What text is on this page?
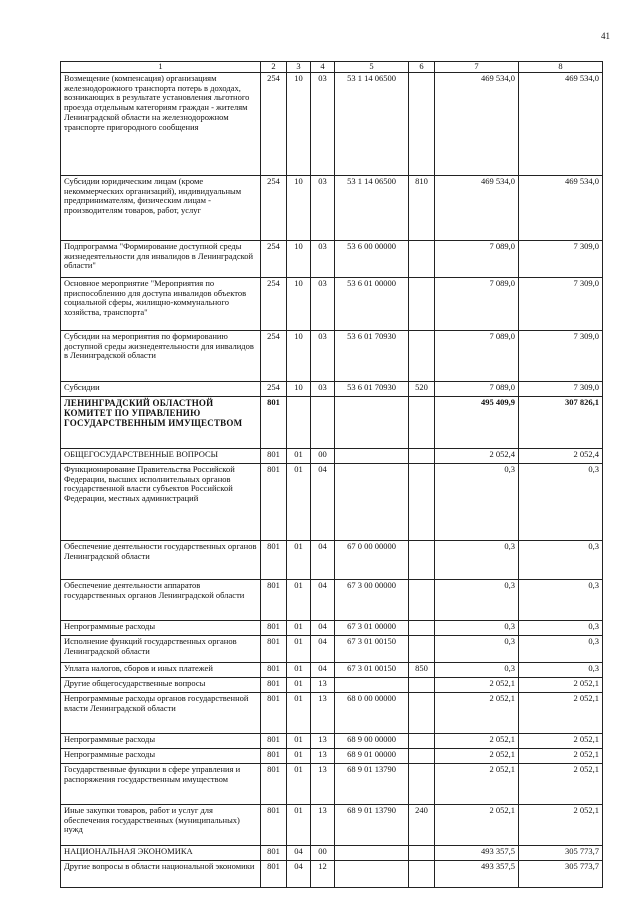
41
1	2	3	4	5	6	7	8
Возмещение (компенсация) организациям железнодорожного транспорта потерь в доходах, возникающих в результате установления льготного проезда отдельным категориям граждан - жителям Ленинградской области на железнодорожном транспорте пригородного сообщения	254	10	03	53 1 14 06500		469 534,0	469 534,0
Субсидии юридическим лицам (кроме некоммерческих организаций), индивидуальным предпринимателям, физическим лицам - производителям товаров, работ, услуг	254	10	03	53 1 14 06500	810	469 534,0	469 534,0
Подпрограмма "Формирование доступной среды жизнедеятельности для инвалидов в Ленинградской области"	254	10	03	53 6 00 00000		7 089,0	7 309,0
Основное мероприятие "Мероприятия по приспособлению для доступа инвалидов объектов социальной сферы, жилищно-коммунального хозяйства, транспорта"	254	10	03	53 6 01 00000		7 089,0	7 309,0
Субсидии на мероприятия по формированию доступной среды жизнедеятельности для инвалидов в Ленинградской области	254	10	03	53 6 01 70930		7 089,0	7 309,0
Субсидии	254	10	03	53 6 01 70930	520	7 089,0	7 309,0
ЛЕНИНГРАДСКИЙ ОБЛАСТНОЙ КОМИТЕТ ПО УПРАВЛЕНИЮ ГОСУДАРСТВЕННЫМ ИМУЩЕСТВОМ	801					495 409,9	307 826,1
ОБЩЕГОСУДАРСТВЕННЫЕ ВОПРОСЫ	801	01	00			2 052,4	2 052,4
Функционирование Правительства Российской Федерации, высших исполнительных органов государственной власти субъектов Российской Федерации, местных администраций	801	01	04			0,3	0,3
Обеспечение деятельности государственных органов Ленинградской области	801	01	04	67 0 00 00000		0,3	0,3
Обеспечение деятельности аппаратов государственных органов Ленинградской области	801	01	04	67 3 00 00000		0,3	0,3
Непрограммные расходы	801	01	04	67 3 01 00000		0,3	0,3
Исполнение функций государственных органов Ленинградской области	801	01	04	67 3 01 00150		0,3	0,3
Уплата налогов, сборов и иных платежей	801	01	04	67 3 01 00150	850	0,3	0,3
Другие общегосударственные вопросы	801	01	13			2 052,1	2 052,1
Непрограммные расходы органов государственной власти Ленинградской области	801	01	13	68 0 00 00000		2 052,1	2 052,1
Непрограммные расходы	801	01	13	68 9 00 00000		2 052,1	2 052,1
Непрограммные расходы	801	01	13	68 9 01 00000		2 052,1	2 052,1
Государственные функции в сфере управления и распоряжения государственным имуществом	801	01	13	68 9 01 13790		2 052,1	2 052,1
Иные закупки товаров, работ и услуг для обеспечения государственных (муниципальных) нужд	801	01	13	68 9 01 13790	240	2 052,1	2 052,1
НАЦИОНАЛЬНАЯ ЭКОНОМИКА	801	04	00			493 357,5	305 773,7
Другие вопросы в области национальной экономики	801	04	12			493 357,5	305 773,7
